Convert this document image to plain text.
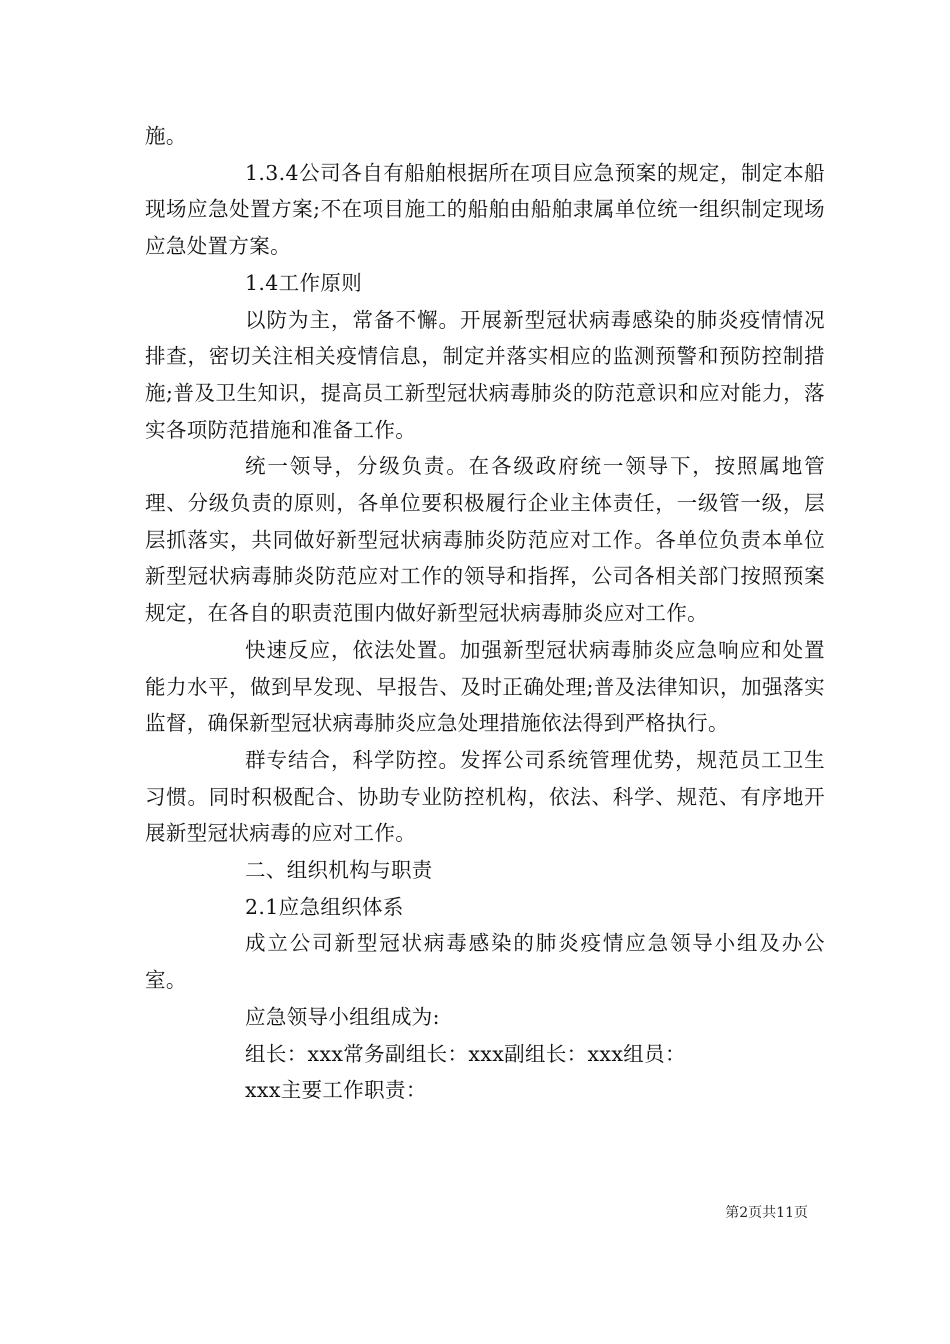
施。

1.3.4公司各自有船舶根据所在项目应急预案的规定，制定本船现场应急处置方案;不在项目施工的船舶由船舶隶属单位统一组织制定现场应急处置方案。

1.4工作原则

以防为主，常备不懈。开展新型冠状病毒感染的肺炎疫情情况排查，密切关注相关疫情信息，制定并落实相应的监测预警和预防控制措施;普及卫生知识，提高员工新型冠状病毒肺炎的防范意识和应对能力，落实各项防范措施和准备工作。

统一领导，分级负责。在各级政府统一领导下，按照属地管理、分级负责的原则，各单位要积极履行企业主体责任，一级管一级，层层抓落实，共同做好新型冠状病毒肺炎防范应对工作。各单位负责本单位新型冠状病毒肺炎防范应对工作的领导和指挥，公司各相关部门按照预案规定，在各自的职责范围内做好新型冠状病毒肺炎应对工作。

快速反应，依法处置。加强新型冠状病毒肺炎应急响应和处置能力水平，做到早发现、早报告、及时正确处理;普及法律知识，加强落实监督，确保新型冠状病毒肺炎应急处理措施依法得到严格执行。

群专结合，科学防控。发挥公司系统管理优势，规范员工卫生习惯。同时积极配合、协助专业防控机构，依法、科学、规范、有序地开展新型冠状病毒的应对工作。

二、组织机构与职责

2.1应急组织体系

成立公司新型冠状病毒感染的肺炎疫情应急领导小组及办公室。

应急领导小组组成为:

组长：xxx常务副组长：xxx副组长：xxx组员：

xxx主要工作职责：

第2页共11页
